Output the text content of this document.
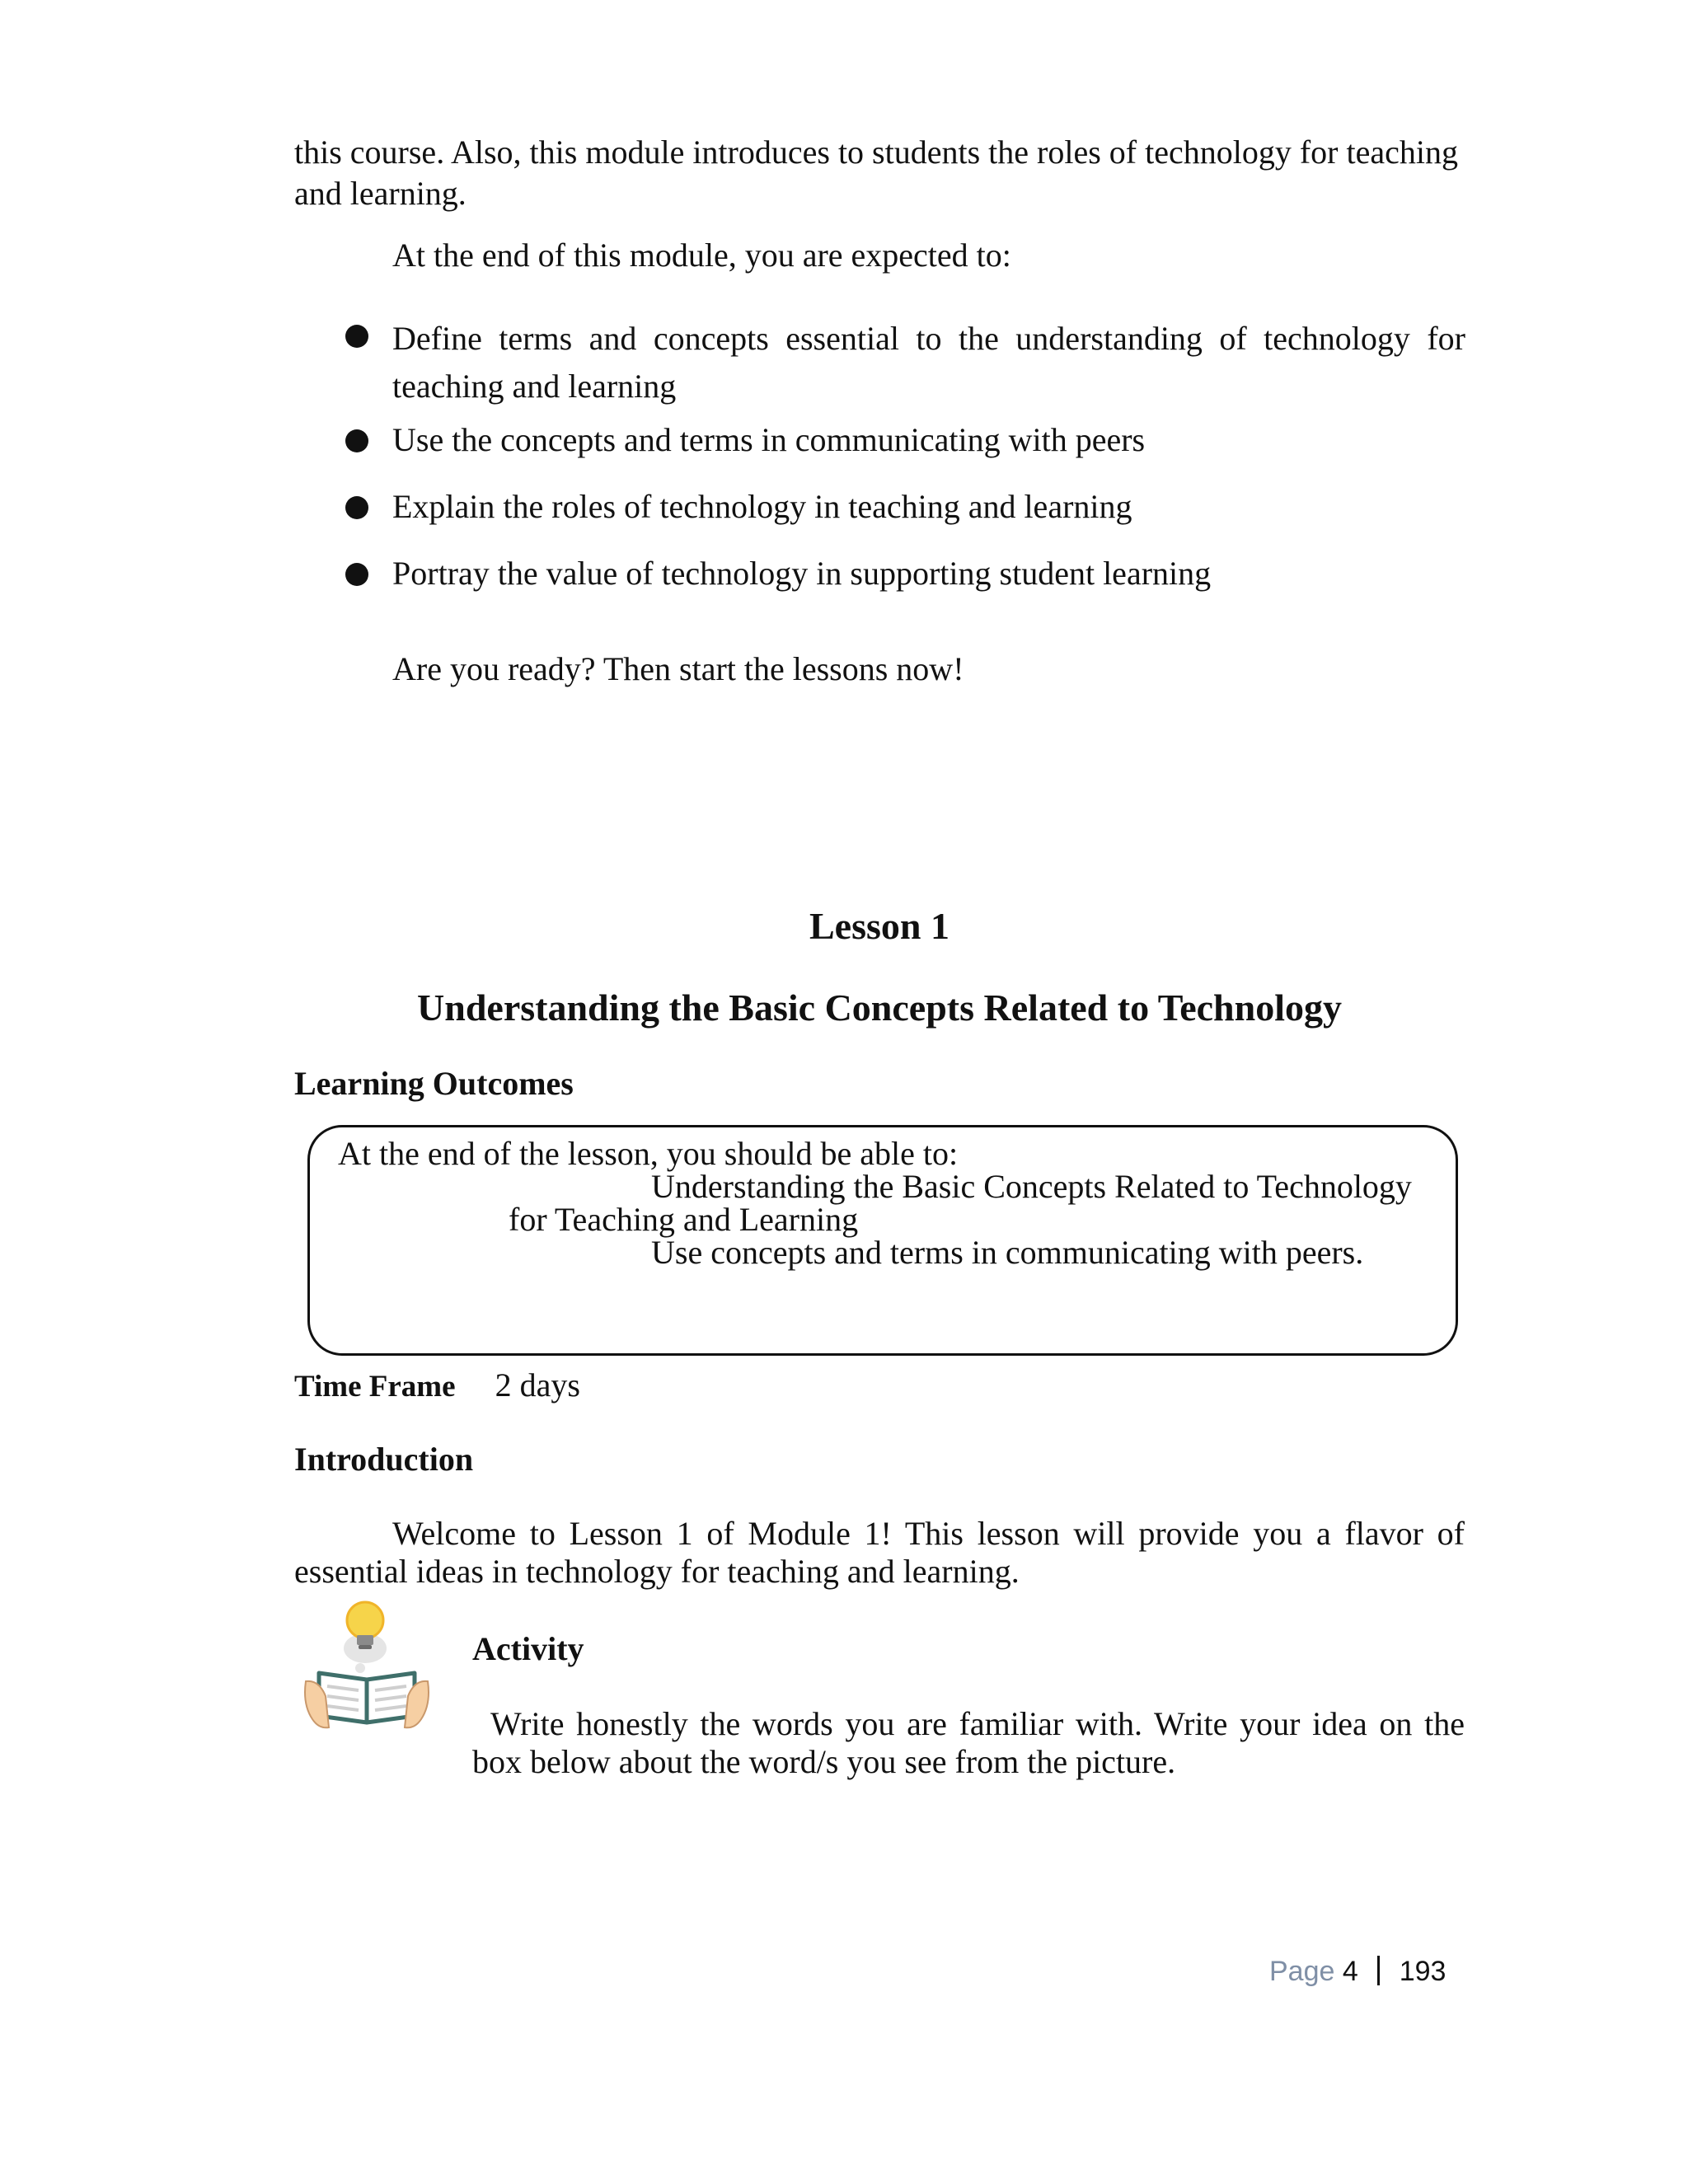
this course. Also, this module introduces to students the roles of technology for teaching and learning.
At the end of this module, you are expected to:
Define terms and concepts essential to the understanding of technology for teaching and learning
Use the concepts and terms in communicating with peers
Explain the roles of technology in teaching and learning
Portray the value of technology in supporting student learning
Are you ready? Then start the lessons now!
Lesson 1
Understanding the Basic Concepts Related to Technology
Learning Outcomes
At the end of the lesson, you should be able to:
Understanding the Basic Concepts Related to Technology
for Teaching and Learning
Use concepts and terms in communicating with peers.
Time Frame 2 days
Introduction
Welcome to Lesson 1 of Module 1! This lesson will provide you a flavor of essential ideas in technology for teaching and learning.
Activity
Write honestly the words you are familiar with. Write your idea on the box below about the word/s you see from the picture.
Page 4 193
